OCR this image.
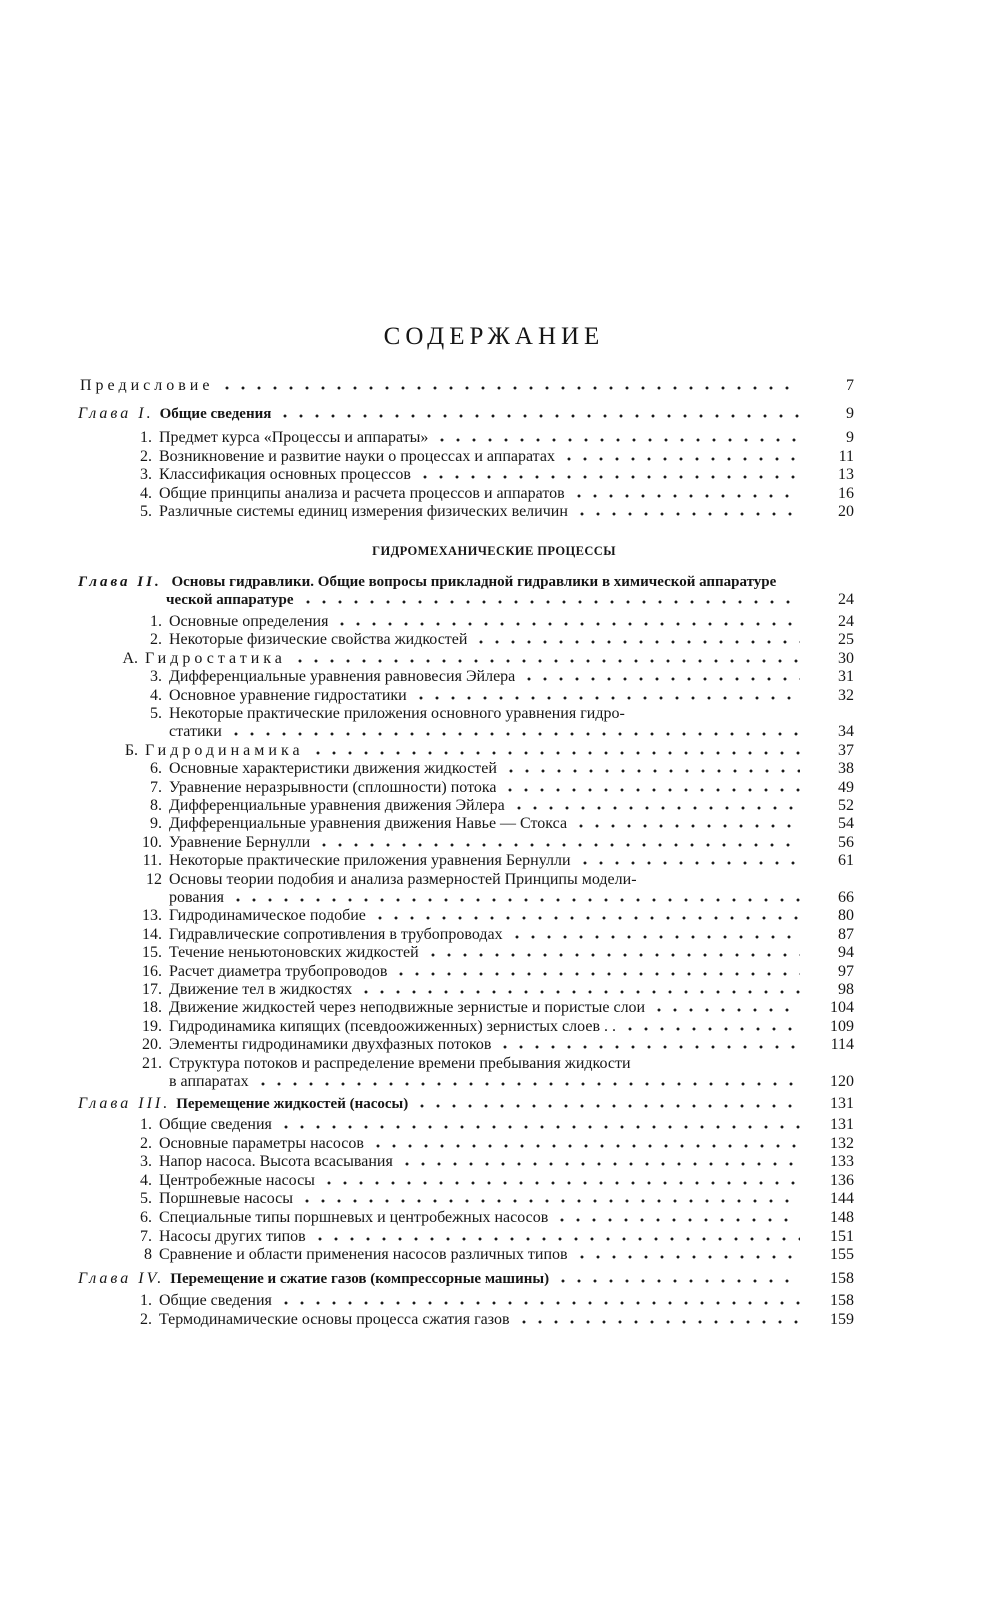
СОДЕРЖАНИЕ
Предисловие	7
Глава I. Общие сведения	9
1. Предмет курса «Процессы и аппараты»	9
2. Возникновение и развитие науки о процессах и аппаратах	11
3. Классификация основных процессов	13
4. Общие принципы анализа и расчета процессов и аппаратов	16
5. Различные системы единиц измерения физических величин	20
ГИДРОМЕХАНИЧЕСКИЕ ПРОЦЕССЫ
Глава II. Основы гидравлики. Общие вопросы прикладной гидравлики в химической аппаратуре
ческой аппаратуре	24
1. Основные определения	24
2. Некоторые физические свойства жидкостей	25
А. Гидростатика	30
3. Дифференциальные уравнения равновесия Эйлера	31
4. Основное уравнение гидростатики	32
5. Некоторые практические приложения основного уравнения гидро-
статики	34
Б. Гидродинамика	37
6. Основные характеристики движения жидкостей	38
7. Уравнение неразрывности (сплошности) потока	49
8. Дифференциальные уравнения движения Эйлера	52
9. Дифференциальные уравнения движения Навье — Стокса	54
10. Уравнение Бернулли	56
11. Некоторые практические приложения уравнения Бернулли	61
12 Основы теории подобия и анализа размерностей Принципы модели-
рования	66
13. Гидродинамическое подобие	80
14. Гидравлические сопротивления в трубопроводах	87
15. Течение неньютоновских жидкостей	94
16. Расчет диаметра трубопроводов	97
17. Движение тел в жидкостях	98
18. Движение жидкостей через неподвижные зернистые и пористые слои	104
19. Гидродинамика кипящих (псевдоожиженных) зернистых слоев . .	109
20. Элементы гидродинамики двухфазных потоков	114
21. Структура потоков и распределение времени пребывания жидкости
в аппаратах	120
Глава III. Перемещение жидкостей (насосы)	131
1. Общие сведения	131
2. Основные параметры насосов	132
3. Напор насоса. Высота всасывания	133
4. Центробежные насосы	136
5. Поршневые насосы	144
6. Специальные типы поршневых и центробежных насосов	148
7. Насосы других типов	151
8 Сравнение и области применения насосов различных типов	155
Глава IV. Перемещение и сжатие газов (компрессорные машины)	158
1. Общие сведения	158
2. Термодинамические основы процесса сжатия газов	159
